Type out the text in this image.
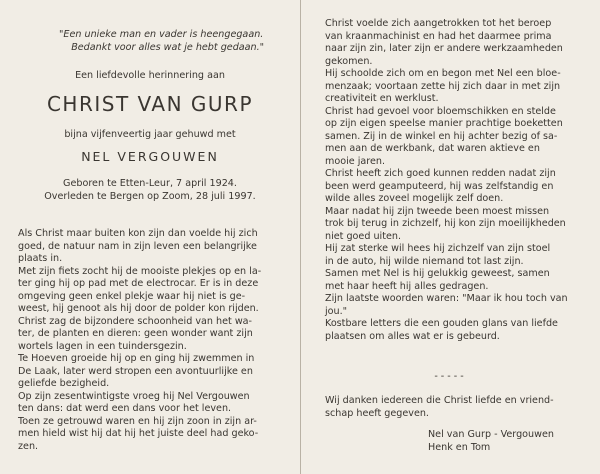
"Een unieke man en vader is heengegaan.
Bedankt voor alles wat je hebt gedaan."

Een liefdevolle herinnering aan

CHRIST VAN GURP

bijna vijfenveertig jaar gehuwd met

NEL VERGOUWEN

Geboren te Etten-Leur, 7 april 1924.
Overleden te Bergen op Zoom, 28 juli 1997.

Als Christ maar buiten kon zijn dan voelde hij zich
goed, de natuur nam in zijn leven een belangrijke
plaats in.
Met zijn fiets zocht hij de mooiste plekjes op en la-
ter ging hij op pad met de electrocar. Er is in deze
omgeving geen enkel plekje waar hij niet is ge-
weest, hij genoot als hij door de polder kon rijden.
Christ zag de bijzondere schoonheid van het wa-
ter, de planten en dieren: geen wonder want zijn
wortels lagen in een tuindersgezin.
Te Hoeven groeide hij op en ging hij zwemmen in
De Laak, later werd stropen een avontuurlijke en
geliefde bezigheid.
Op zijn zesentwintigste vroeg hij Nel Vergouwen
ten dans: dat werd een dans voor het leven.
Toen ze getrouwd waren en hij zijn zoon in zijn ar-
men hield wist hij dat hij het juiste deel had geko-
zen.

Christ voelde zich aangetrokken tot het beroep
van kraanmachinist en had het daarmee prima
naar zijn zin, later zijn er andere werkzaamheden
gekomen.
Hij schoolde zich om en begon met Nel een bloe-
menzaak; voortaan zette hij zich daar in met zijn
creativiteit en werklust.
Christ had gevoel voor bloemschikken en stelde
op zijn eigen speelse manier prachtige boeketten
samen. Zij in de winkel en hij achter bezig of sa-
men aan de werkbank, dat waren aktieve en
mooie jaren.
Christ heeft zich goed kunnen redden nadat zijn
been werd geamputeerd, hij was zelfstandig en
wilde alles zoveel mogelijk zelf doen.
Maar nadat hij zijn tweede been moest missen
trok bij terug in zichzelf, hij kon zijn moeilijkheden
niet goed uiten.
Hij zat sterke wil hees hij zichzelf van zijn stoel
in de auto, hij wilde niemand tot last zijn.
Samen met Nel is hij gelukkig geweest, samen
met haar heeft hij alles gedragen.
Zijn laatste woorden waren: "Maar ik hou toch van
jou."
Kostbare letters die een gouden glans van liefde
plaatsen om alles wat er is gebeurd.

-----

Wij danken iedereen die Christ liefde en vriend-
schap heeft gegeven.

Nel van Gurp - Vergouwen
Henk en Tom
